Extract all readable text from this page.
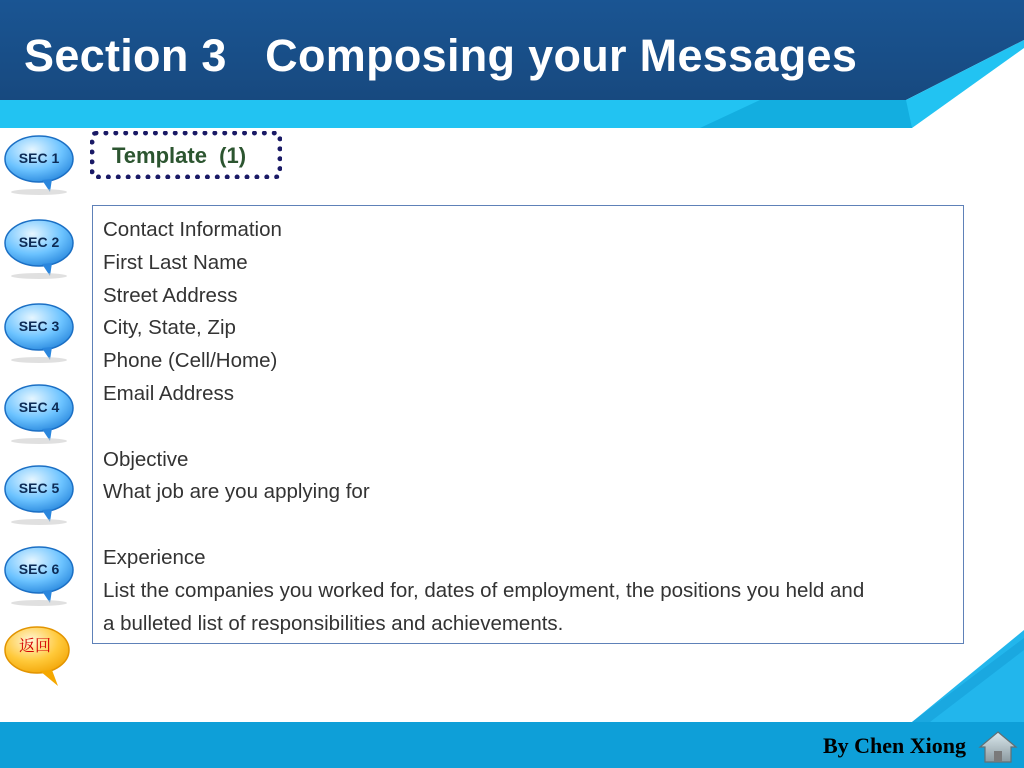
Section 3   Composing your Messages
Template  (1)
SEC 1
SEC 2
SEC 3
SEC 4
SEC 5
SEC 6
返回
Contact Information
First Last Name
Street Address
City, State, Zip
Phone (Cell/Home)
Email Address
Objective
What job are you applying for
Experience
List the companies you worked for, dates of employment, the positions you held and
a bulleted list of responsibilities and achievements.
By Chen Xiong
